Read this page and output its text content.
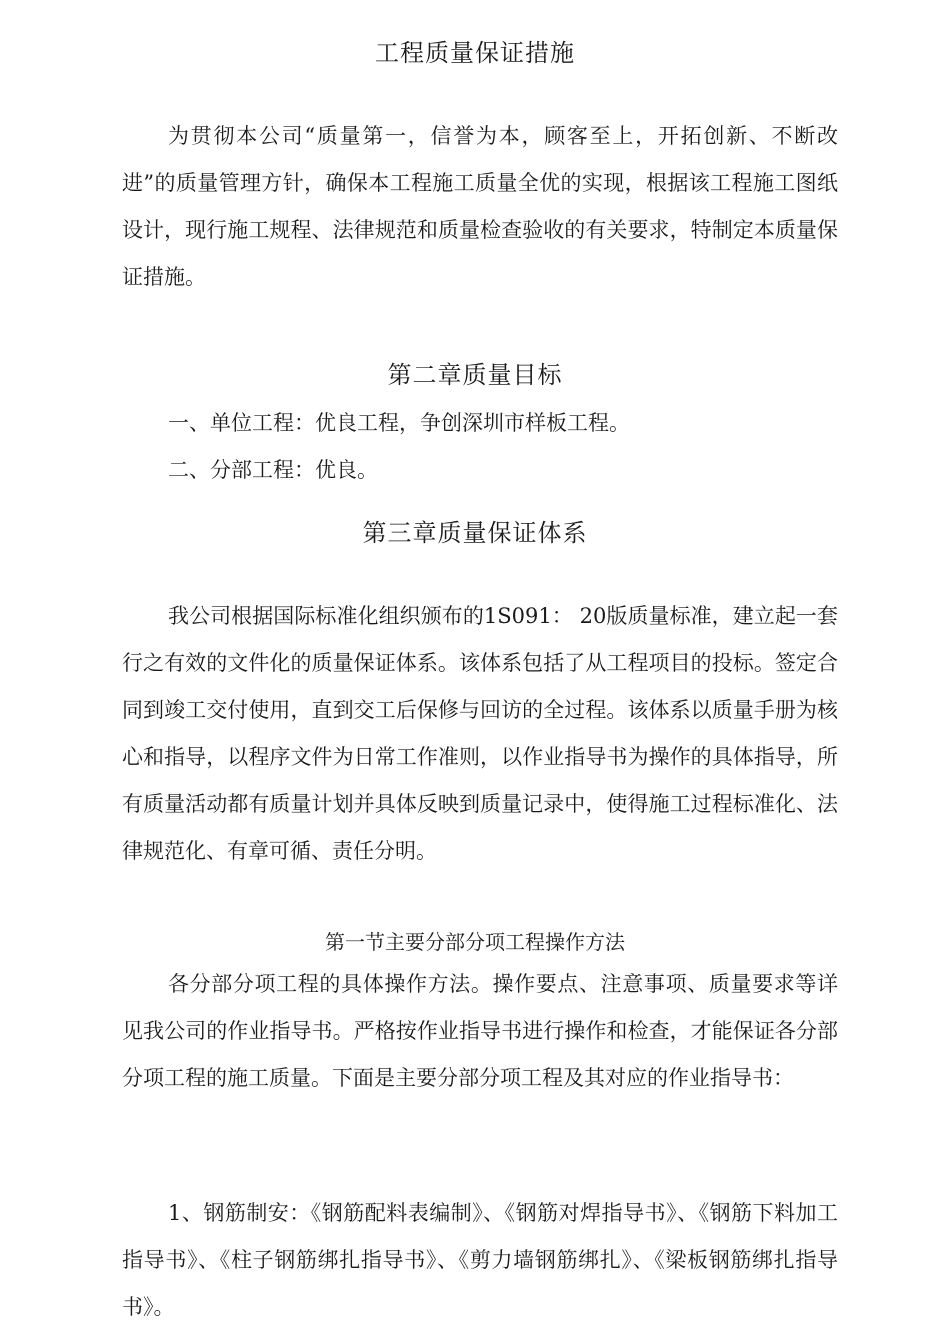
工程质量保证措施

为贯彻本公司“质量第一，信誉为本，顾客至上，开拓创新、不断改进”的质量管理方针，确保本工程施工质量全优的实现，根据该工程施工图纸设计，现行施工规程、法律规范和质量检查验收的有关要求，特制定本质量保证措施。

第二章质量目标
一、单位工程：优良工程，争创深圳市样板工程。
二、分部工程：优良。
第三章质量保证体系

我公司根据国际标准化组织颁布的1S091： 20版质量标准，建立起一套行之有效的文件化的质量保证体系。该体系包括了从工程项目的投标。签定合同到竣工交付使用，直到交工后保修与回访的全过程。该体系以质量手册为核心和指导，以程序文件为日常工作准则，以作业指导书为操作的具体指导，所有质量活动都有质量计划并具体反映到质量记录中，使得施工过程标准化、法律规范化、有章可循、责任分明。

第一节主要分部分项工程操作方法

各分部分项工程的具体操作方法。操作要点、注意事项、质量要求等详见我公司的作业指导书。严格按作业指导书进行操作和检查，才能保证各分部分项工程的施工质量。下面是主要分部分项工程及其对应的作业指导书：

1、钢筋制安：《钢筋配料表编制》、《钢筋对焊指导书》、《钢筋下料加工指导书》、《柱子钢筋绑扎指导书》、《剪力墙钢筋绑扎》、《梁板钢筋绑扎指导书》。
